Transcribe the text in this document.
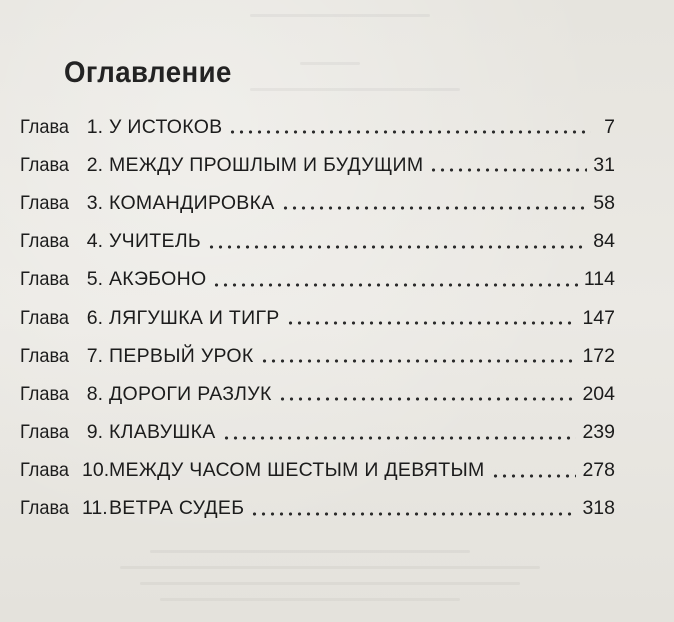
Оглавление
Глава 1. У ИСТОКОВ	7
Глава 2. МЕЖДУ ПРОШЛЫМ И БУДУЩИМ	31
Глава 3. КОМАНДИРОВКА	58
Глава 4. УЧИТЕЛЬ	84
Глава 5. АКЭБОНО	114
Глава 6. ЛЯГУШКА И ТИГР	147
Глава 7. ПЕРВЫЙ УРОК	172
Глава 8. ДОРОГИ РАЗЛУК	204
Глава 9. КЛАВУШКА	239
Глава 10. МЕЖДУ ЧАСОМ ШЕСТЫМ И ДЕВЯТЫМ	278
Глава 11. ВЕТРА СУДЕБ	318
